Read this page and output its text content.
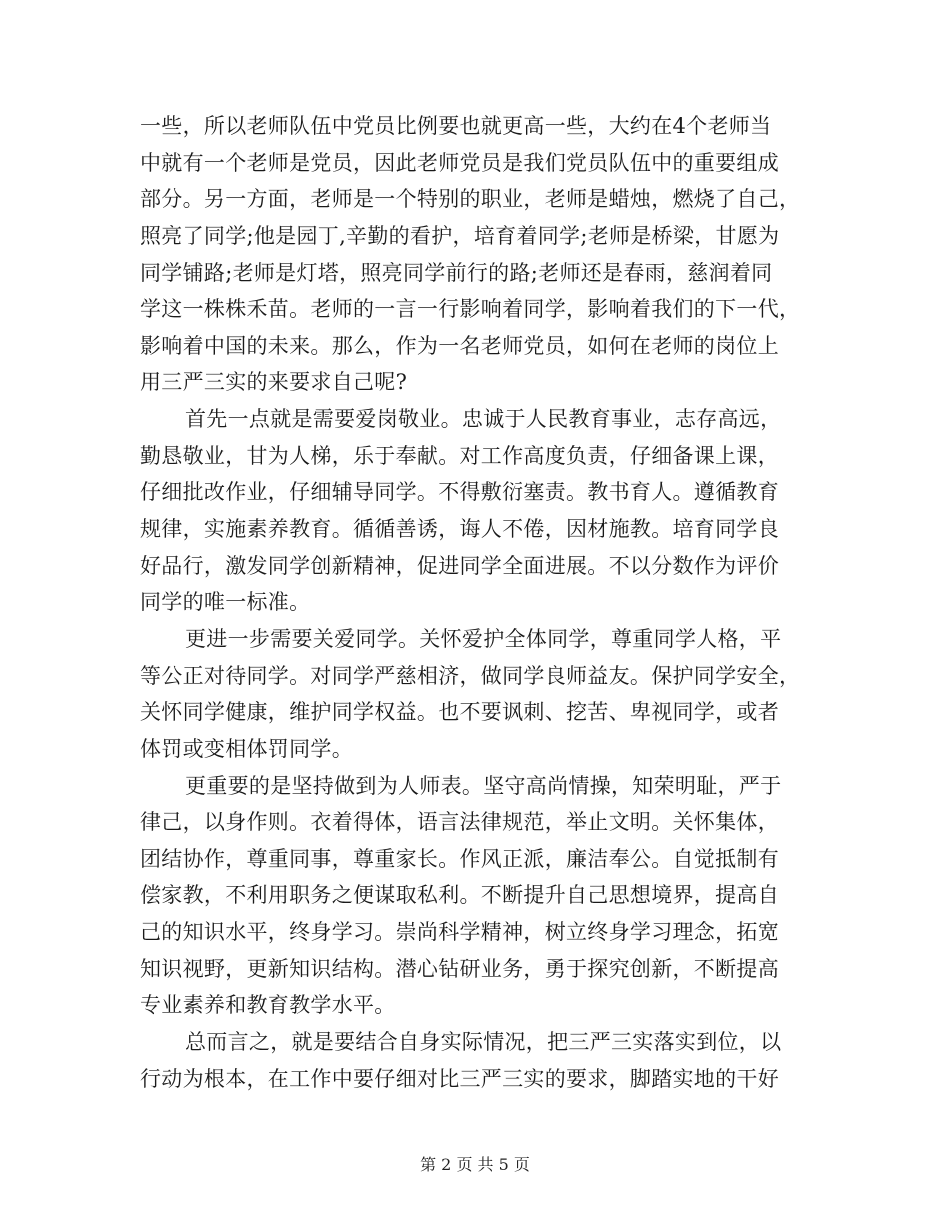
一些，所以老师队伍中党员比例要也就更高一些，大约在4个老师当
中就有一个老师是党员，因此老师党员是我们党员队伍中的重要组成
部分。另一方面，老师是一个特别的职业，老师是蜡烛，燃烧了自己，
照亮了同学;他是园丁,辛勤的看护，培育着同学;老师是桥梁，甘愿为
同学铺路;老师是灯塔，照亮同学前行的路;老师还是春雨，慈润着同
学这一株株禾苗。老师的一言一行影响着同学，影响着我们的下一代，
影响着中国的未来。那么，作为一名老师党员，如何在老师的岗位上
用三严三实的来要求自己呢?
首先一点就是需要爱岗敬业。忠诚于人民教育事业，志存高远，
勤恳敬业，甘为人梯，乐于奉献。对工作高度负责，仔细备课上课，
仔细批改作业，仔细辅导同学。不得敷衍塞责。教书育人。遵循教育
规律，实施素养教育。循循善诱，诲人不倦，因材施教。培育同学良
好品行，激发同学创新精神，促进同学全面进展。不以分数作为评价
同学的唯一标准。
更进一步需要关爱同学。关怀爱护全体同学，尊重同学人格，平
等公正对待同学。对同学严慈相济，做同学良师益友。保护同学安全，
关怀同学健康，维护同学权益。也不要讽刺、挖苦、卑视同学，或者
体罚或变相体罚同学。
更重要的是坚持做到为人师表。坚守高尚情操，知荣明耻，严于
律己，以身作则。衣着得体，语言法律规范，举止文明。关怀集体，
团结协作，尊重同事，尊重家长。作风正派，廉洁奉公。自觉抵制有
偿家教，不利用职务之便谋取私利。不断提升自己思想境界，提高自
己的知识水平，终身学习。崇尚科学精神，树立终身学习理念，拓宽
知识视野，更新知识结构。潜心钻研业务，勇于探究创新，不断提高
专业素养和教育教学水平。
总而言之，就是要结合自身实际情况，把三严三实落实到位，以
行动为根本，在工作中要仔细对比三严三实的要求，脚踏实地的干好
第 2 页 共 5 页
